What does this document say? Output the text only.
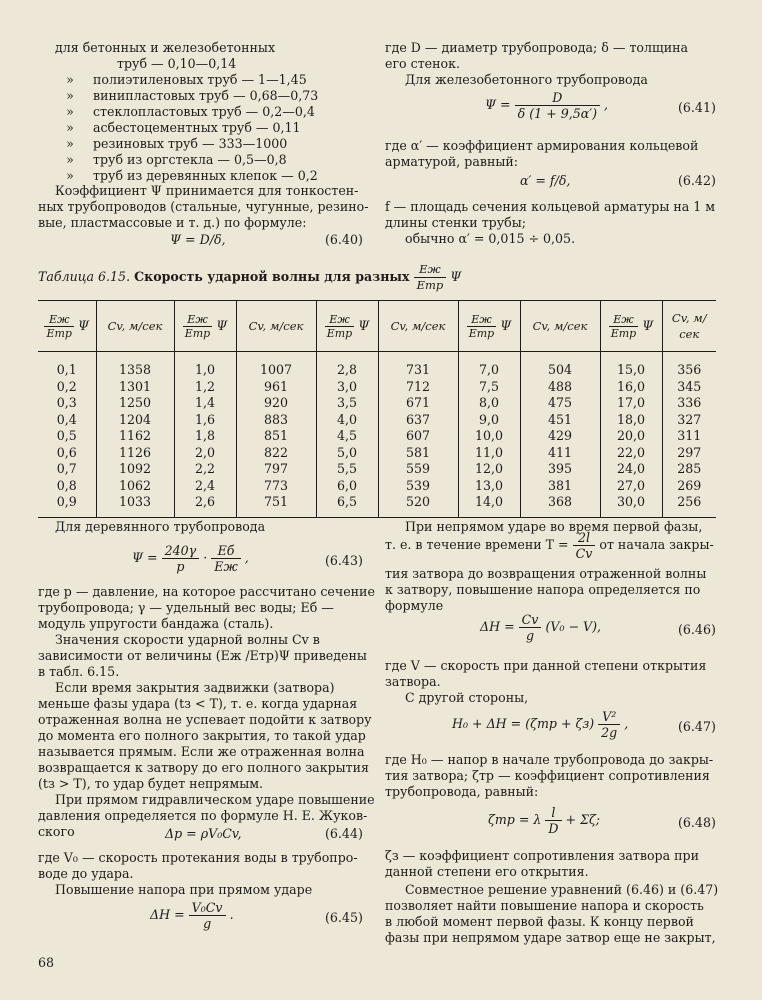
для бетонных и железобетонных
труб — 0,10—0,14
»	полиэтиленовых труб — 1—1,45
»	винипластовых труб — 0,68—0,73
»	стеклопластовых труб — 0,2—0,4
»	асбестоцементных труб — 0,11
»	резиновых труб — 333—1000
»	труб из оргстекла — 0,5—0,8
»	труб из деревянных клепок — 0,2
Коэффициент Ψ принимается для тонкостен-
ных трубопроводов (стальные, чугунные, резино-
вые, пластмассовые и т. д.) по формуле:
Ψ = D/δ,	(6.40)
где D — диаметр трубопровода; δ — толщина
его стенок.
Для железобетонного трубопровода
$\Psi = \frac{D}{\delta (1 + 9,5\alpha')}$ ,	(6.41)
где α′ — коэффициент армирования кольцевой
арматурой, равный:
α′ = f/δ,	(6.42)
f — площадь сечения кольцевой арматуры на 1 м
длины стенки трубы;
обычно α′ = 0,015 ÷ 0,05.
Таблица 6.15. Скорость ударной волны для разных $\frac{Eж}{\text{Eтр}}$ Ψ
$\frac{Eж}{\text{Eтр}}$ Ψ	Cv, м/сек	$\frac{Eж}{\text{Eтр}}$ Ψ	Cv, м/сек	$\frac{Eж}{\text{Eтр}}$ Ψ	Cv, м/сек	$\frac{Eж}{\text{Eтр}}$ Ψ	Cv, м/сек	$\frac{Eж}{\text{Eтр}}$ Ψ	Cv, м/сек
0,1	1358	1,0	1007	2,8	731	7,0	504	15,0	356
0,2	1301	1,2	961	3,0	712	7,5	488	16,0	345
0,3	1250	1,4	920	3,5	671	8,0	475	17,0	336
0,4	1204	1,6	883	4,0	637	9,0	451	18,0	327
0,5	1162	1,8	851	4,5	607	10,0	429	20,0	311
0,6	1126	2,0	822	5,0	581	11,0	411	22,0	297
0,7	1092	2,2	797	5,5	559	12,0	395	24,0	285
0,8	1062	2,4	773	6,0	539	13,0	381	27,0	269
0,9	1033	2,6	751	6,5	520	14,0	368	30,0	256
Для деревянного трубопровода
$\Psi = \frac{240\gamma}{p} \cdot \frac{Eб}{Eж}$ ,	(6.43)
где p — давление, на которое рассчитано сечение
трубопровода; γ — удельный вес воды; Eб —
модуль упругости бандажа (сталь).
Значения скорости ударной волны Cv в
зависимости от величины (Eж /Eтр)Ψ приведены
в табл. 6.15.
Если время закрытия задвижки (затвора)
меньше фазы удара (tз < T), т. е. когда ударная
отраженная волна не успевает подойти к затвору
до момента его полного закрытия, то такой удар
называется прямым. Если же отраженная волна
возвращается к затвору до его полного закрытия
(tз > T), то удар будет непрямым.
При прямом гидравлическом ударе повышение
давления определяется по формуле Н. Е. Жуков-
ского	Δp = ρV₀Cv,	(6.44)
где V₀ — скорость протекания воды в трубопро-
воде до удара.
Повышение напора при прямом ударе
$\Delta H = \frac{\text{V₀Cv}}{g}$ .	(6.45)
68
При непрямом ударе во время первой фазы,
т. е. в течение времени $T = \frac{2l}{Cv}$ от начала закры-
тия затвора до возвращения отраженной волны
к затвору, повышение напора определяется по
формуле
$\Delta H = \frac{Cv}{g} (V_0 - V)$,	(6.46)
где V — скорость при данной степени открытия
затвора.
С другой стороны,
$H_0 + \Delta H = (\zeta тр + \zeta з) \frac{\text{V²}}{2g}$ ,	(6.47)
где H₀ — напор в начале трубопровода до закры-
тия затвора; ζтр — коэффициент сопротивления
трубопровода, равный:
ζтр = λ $\frac{l}{D} + \Sigma\zeta$;	(6.48)
ζз — коэффициент сопротивления затвора при
данной степени его открытия.
Совместное решение уравнений (6.46) и (6.47)
позволяет найти повышение напора и скорость
в любой момент первой фазы. К концу первой
фазы при непрямом ударе затвор еще не закрыт,
